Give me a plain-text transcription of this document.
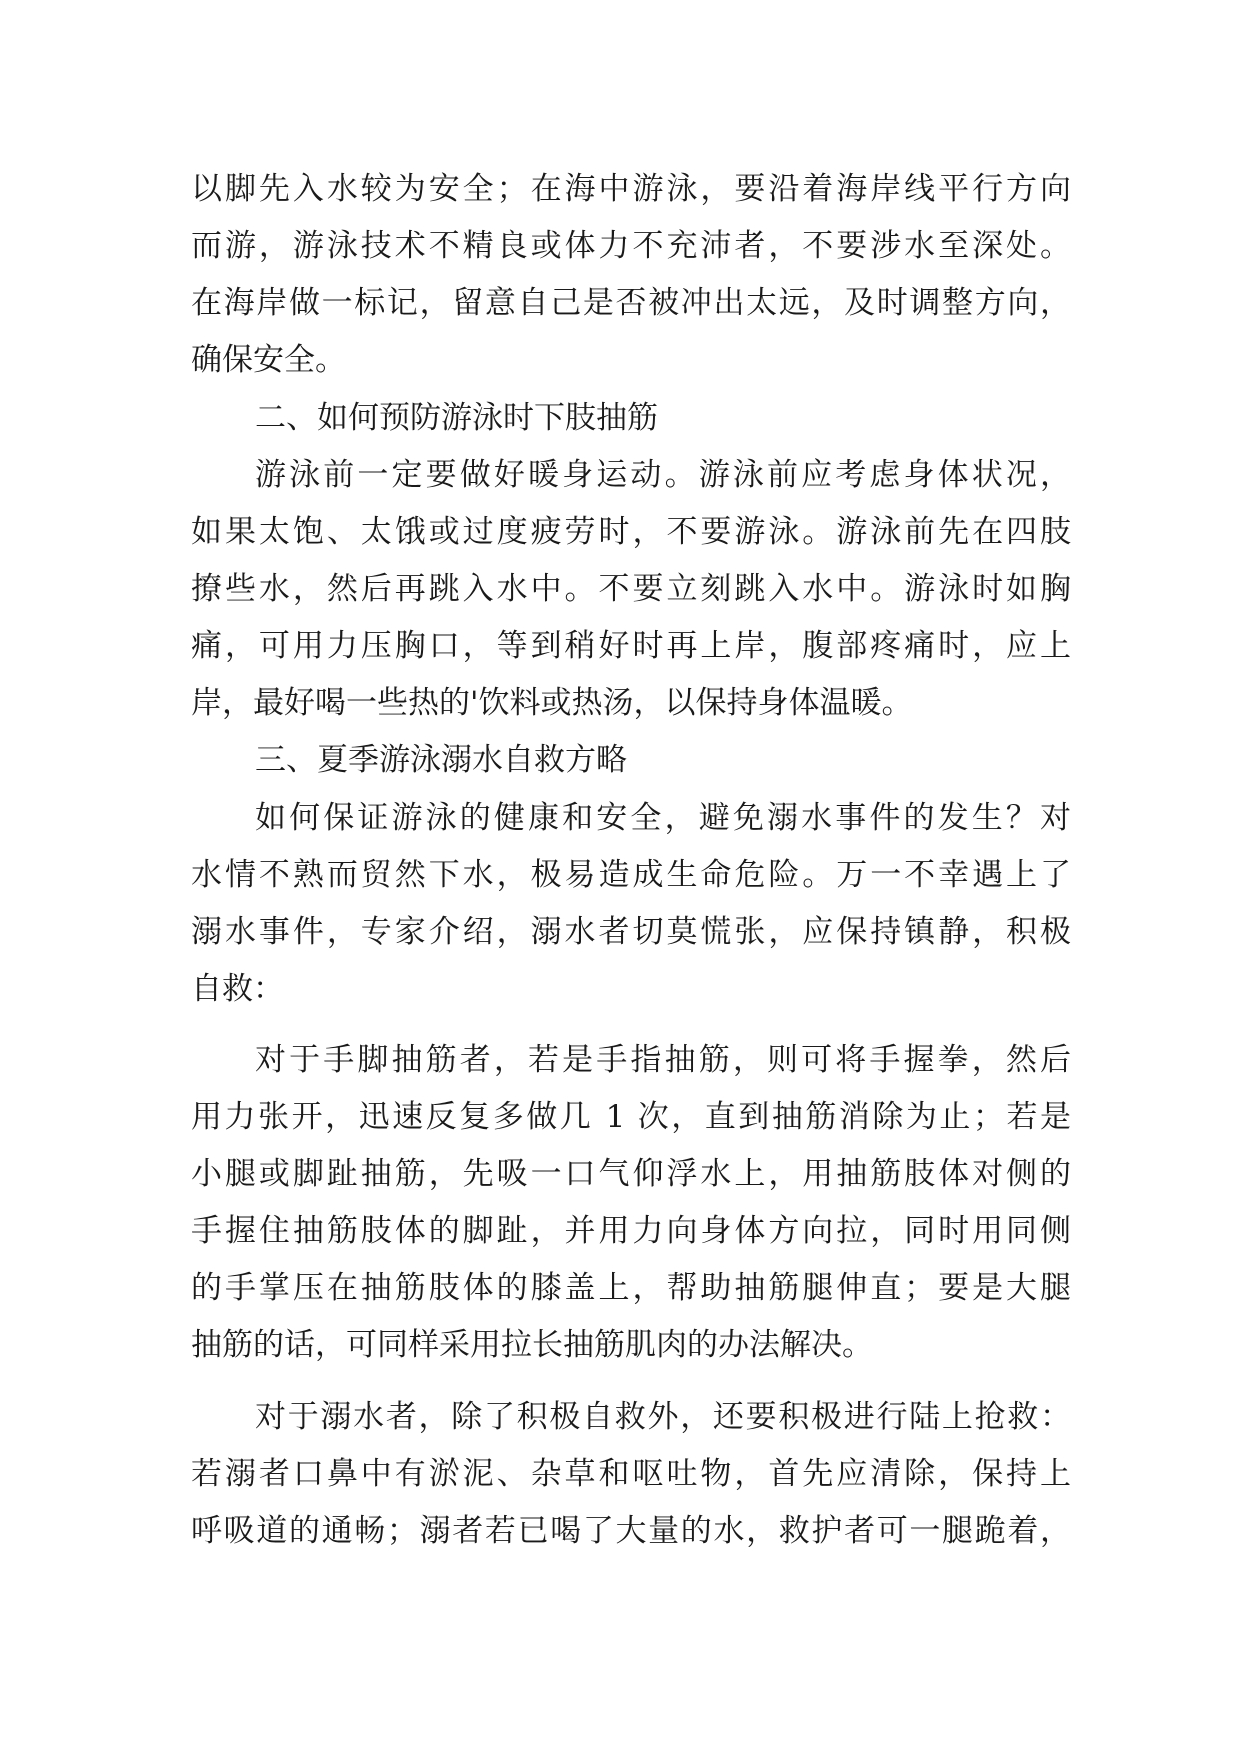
以脚先入水较为安全；在海中游泳，要沿着海岸线平行方向
而游，游泳技术不精良或体力不充沛者，不要涉水至深处。
在海岸做一标记，留意自己是否被冲出太远，及时调整方向，
确保安全。
二、如何预防游泳时下肢抽筋
游泳前一定要做好暖身运动。游泳前应考虑身体状况，
如果太饱、太饿或过度疲劳时，不要游泳。游泳前先在四肢
撩些水，然后再跳入水中。不要立刻跳入水中。游泳时如胸
痛，可用力压胸口，等到稍好时再上岸，腹部疼痛时，应上
岸，最好喝一些热的'饮料或热汤，以保持身体温暖。
三、夏季游泳溺水自救方略
如何保证游泳的健康和安全，避免溺水事件的发生？对
水情不熟而贸然下水，极易造成生命危险。万一不幸遇上了
溺水事件，专家介绍，溺水者切莫慌张，应保持镇静，积极
自救：
对于手脚抽筋者，若是手指抽筋，则可将手握拳，然后
用力张开，迅速反复多做几 1 次，直到抽筋消除为止；若是
小腿或脚趾抽筋，先吸一口气仰浮水上，用抽筋肢体对侧的
手握住抽筋肢体的脚趾，并用力向身体方向拉，同时用同侧
的手掌压在抽筋肢体的膝盖上，帮助抽筋腿伸直；要是大腿
抽筋的话，可同样采用拉长抽筋肌肉的办法解决。
对于溺水者，除了积极自救外，还要积极进行陆上抢救：
若溺者口鼻中有淤泥、杂草和呕吐物，首先应清除，保持上
呼吸道的通畅；溺者若已喝了大量的水，救护者可一腿跪着，
